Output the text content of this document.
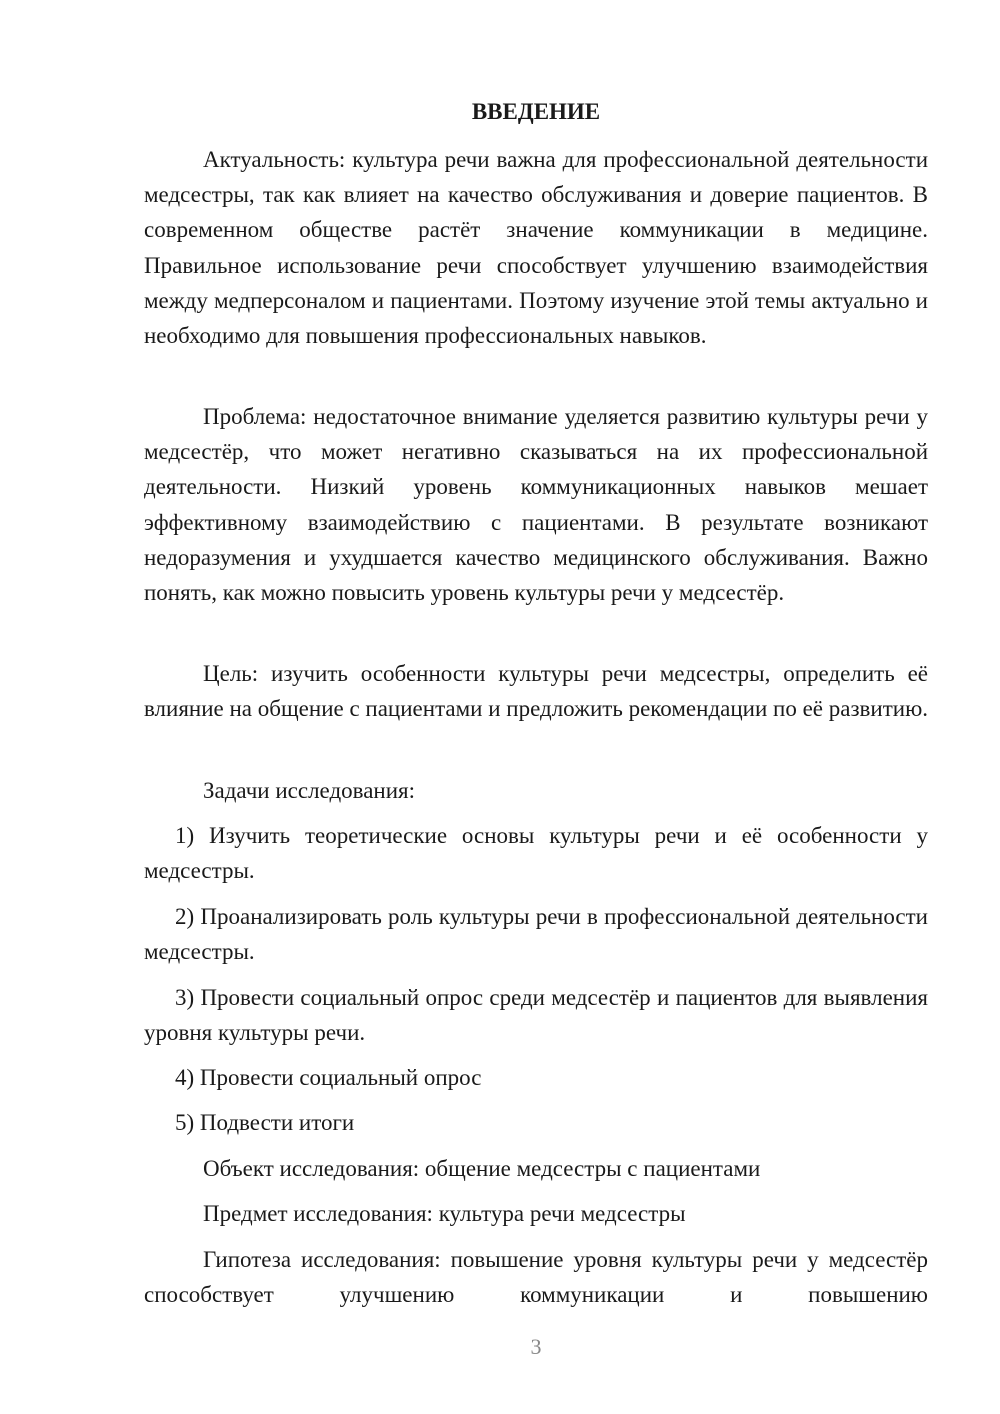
ВВЕДЕНИЕ

Актуальность: культура речи важна для профессиональной деятельности медсестры, так как влияет на качество обслуживания и доверие пациентов. В современном обществе растёт значение коммуникации в медицине. Правильное использование речи способствует улучшению взаимодействия между медперсоналом и пациентами. Поэтому изучение этой темы актуально и необходимо для повышения профессиональных навыков.

Проблема: недостаточное внимание уделяется развитию культуры речи у медсестёр, что может негативно сказываться на их профессиональной деятельности. Низкий уровень коммуникационных навыков мешает эффективному взаимодействию с пациентами. В результате возникают недоразумения и ухудшается качество медицинского обслуживания. Важно понять, как можно повысить уровень культуры речи у медсестёр.

Цель: изучить особенности культуры речи медсестры, определить её влияние на общение с пациентами и предложить рекомендации по её развитию.

Задачи исследования:

1) Изучить теоретические основы культуры речи и её особенности у медсестры.

2) Проанализировать роль культуры речи в профессиональной деятельности медсестры.

3) Провести социальный опрос среди медсестёр и пациентов для выявления уровня культуры речи.

4) Провести социальный опрос

5) Подвести итоги

Объект исследования: общение медсестры с пациентами

Предмет исследования: культура речи медсестры

Гипотеза исследования: повышение уровня культуры речи у медсестёр способствует улучшению коммуникации и повышению

3
